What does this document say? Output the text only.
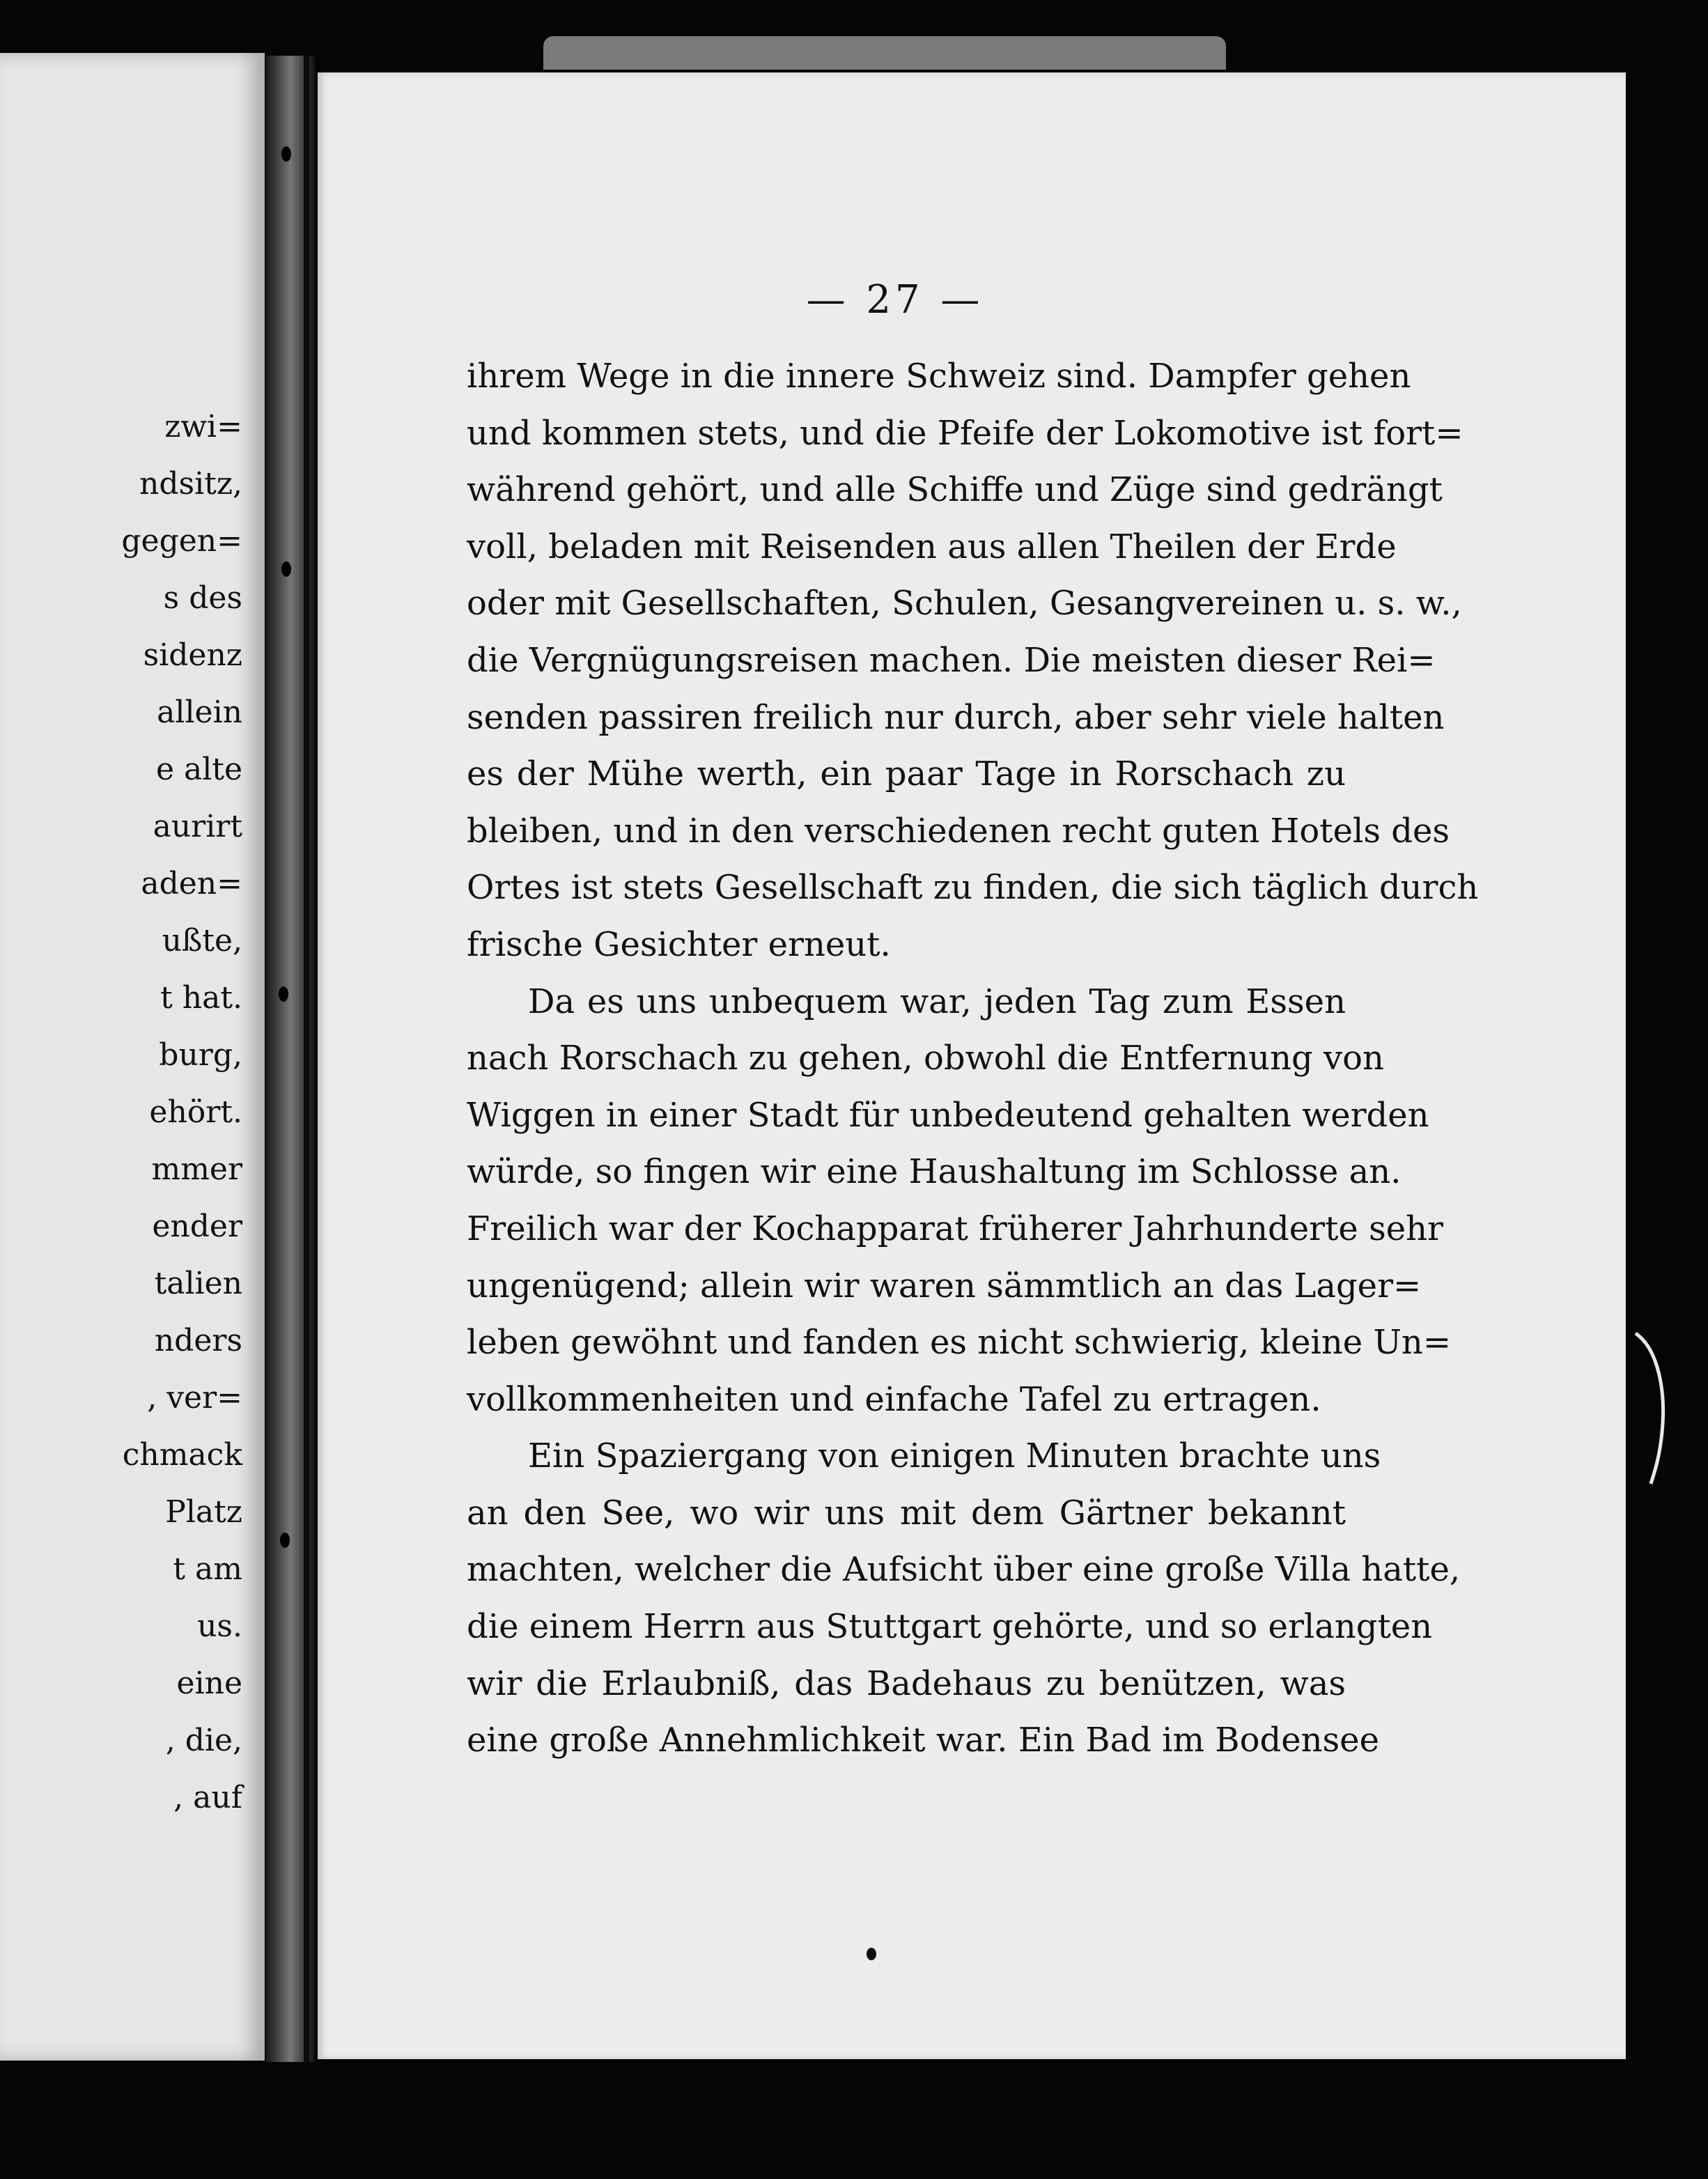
zwi=
ndsitz,
gegen=
s des
sidenz
allein
e alte
aurirt
aden=
ußte,
t hat.
burg,
ehört.
mmer
ender
talien
nders
, ver=
chmack
Platz
t am
us.
eine
, die,
, auf
— 27 —
ihrem Wege in die innere Schweiz sind. Dampfer gehen
und kommen stets, und die Pfeife der Lokomotive ist fort=
während gehört, und alle Schiffe und Züge sind gedrängt
voll, beladen mit Reisenden aus allen Theilen der Erde
oder mit Gesellschaften, Schulen, Gesangvereinen u. s. w.,
die Vergnügungsreisen machen. Die meisten dieser Rei=
senden passiren freilich nur durch, aber sehr viele halten
es der Mühe werth, ein paar Tage in Rorschach zu
bleiben, und in den verschiedenen recht guten Hotels des
Ortes ist stets Gesellschaft zu finden, die sich täglich durch
frische Gesichter erneut.
Da es uns unbequem war, jeden Tag zum Essen
nach Rorschach zu gehen, obwohl die Entfernung von
Wiggen in einer Stadt für unbedeutend gehalten werden
würde, so fingen wir eine Haushaltung im Schlosse an.
Freilich war der Kochapparat früherer Jahrhunderte sehr
ungenügend; allein wir waren sämmtlich an das Lager=
leben gewöhnt und fanden es nicht schwierig, kleine Un=
vollkommenheiten und einfache Tafel zu ertragen.
Ein Spaziergang von einigen Minuten brachte uns
an den See, wo wir uns mit dem Gärtner bekannt
machten, welcher die Aufsicht über eine große Villa hatte,
die einem Herrn aus Stuttgart gehörte, und so erlangten
wir die Erlaubniß, das Badehaus zu benützen, was
eine große Annehmlichkeit war. Ein Bad im Bodensee
